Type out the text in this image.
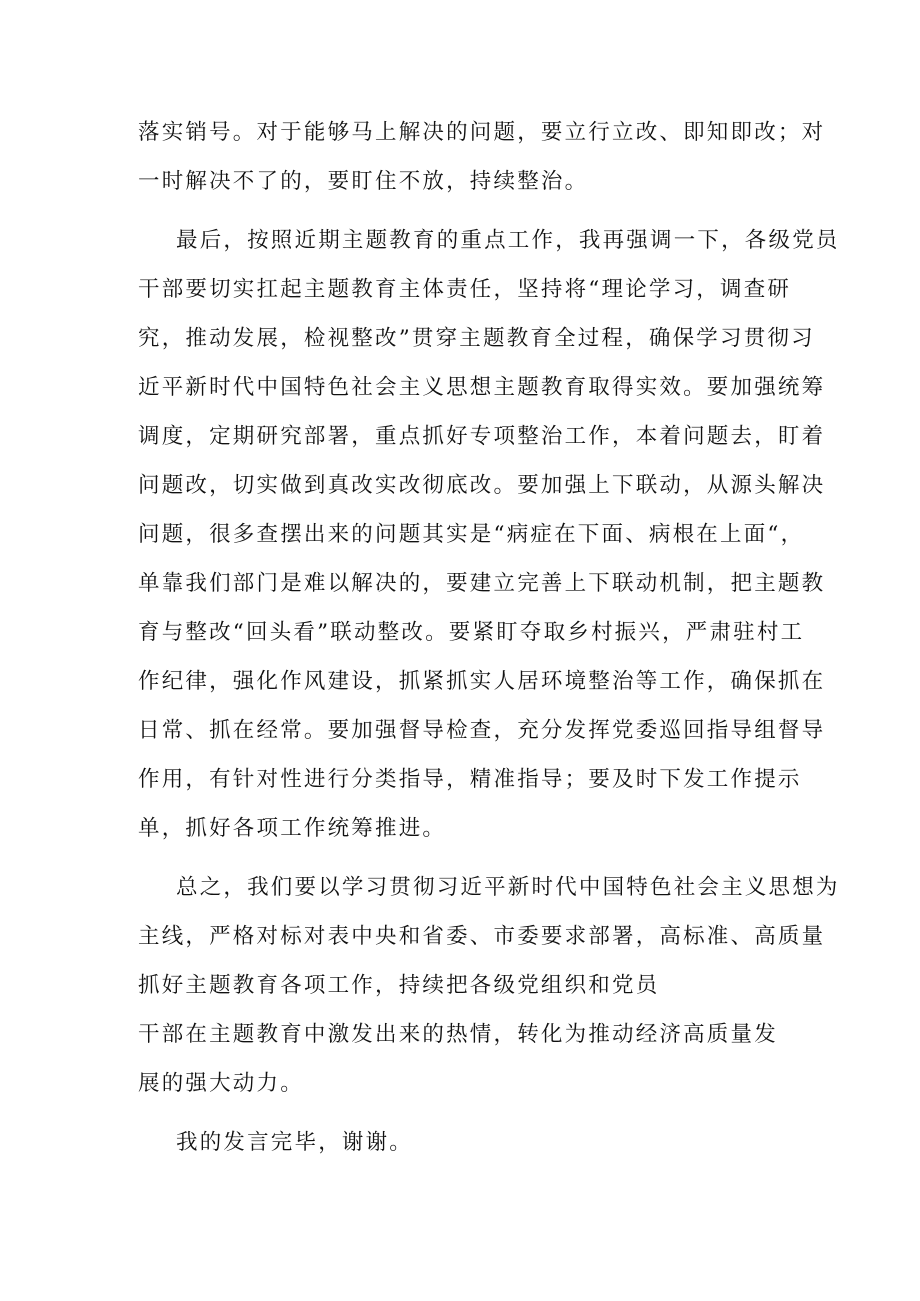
落实销号。对于能够马上解决的问题，要立行立改、即知即改；对
一时解决不了的，要盯住不放，持续整治。
最后，按照近期主题教育的重点工作，我再强调一下，各级党员
干部要切实扛起主题教育主体责任，坚持将“理论学习，调查研
究，推动发展，检视整改”贯穿主题教育全过程，确保学习贯彻习
近平新时代中国特色社会主义思想主题教育取得实效。要加强统筹
调度，定期研究部署，重点抓好专项整治工作，本着问题去，盯着
问题改，切实做到真改实改彻底改。要加强上下联动，从源头解决
问题，很多查摆出来的问题其实是“病症在下面、病根在上面“，
单靠我们部门是难以解决的，要建立完善上下联动机制，把主题教
育与整改“回头看”联动整改。要紧盯夺取乡村振兴，严肃驻村工
作纪律，强化作风建设，抓紧抓实人居环境整治等工作，确保抓在
日常、抓在经常。要加强督导检查，充分发挥党委巡回指导组督导
作用，有针对性进行分类指导，精准指导；要及时下发工作提示
单，抓好各项工作统筹推进。
总之，我们要以学习贯彻习近平新时代中国特色社会主义思想为
主线，严格对标对表中央和省委、市委要求部署，高标准、高质量
抓好主题教育各项工作，持续把各级党组织和党员
干部在主题教育中激发出来的热情，转化为推动经济高质量发
展的强大动力。
我的发言完毕，谢谢。
